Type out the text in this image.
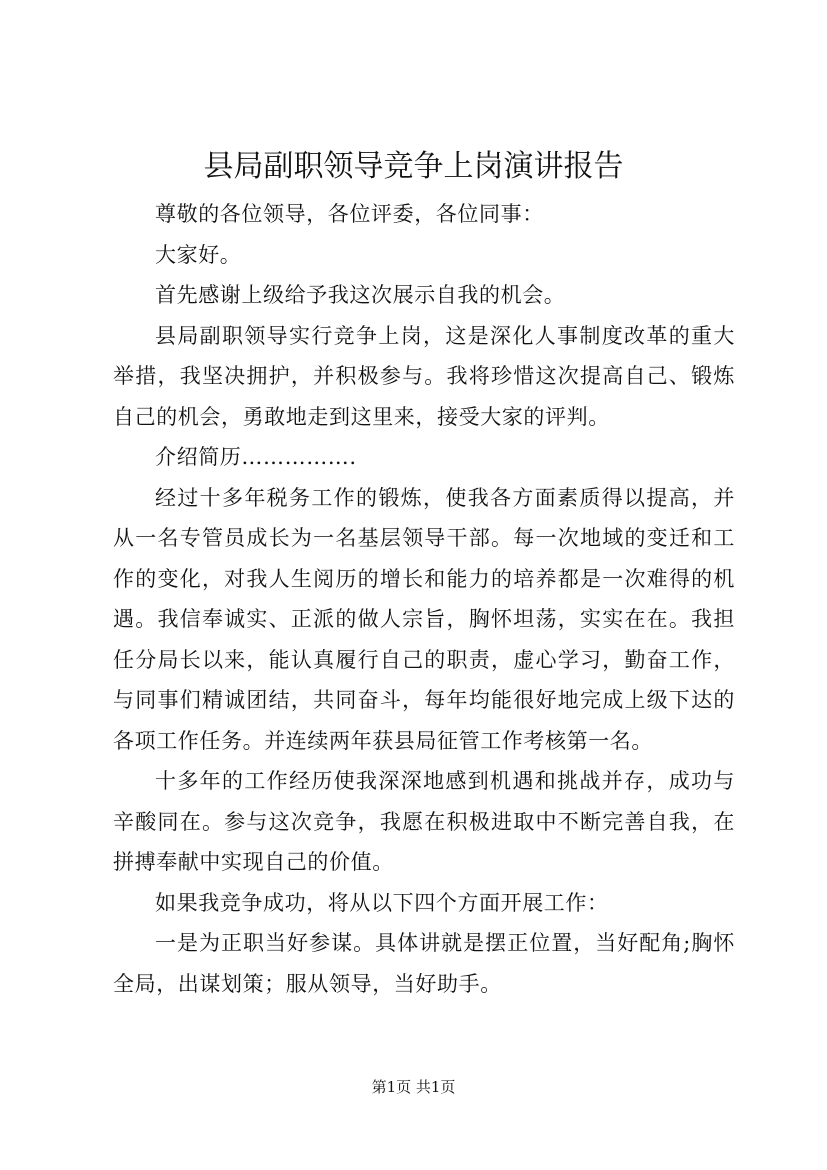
县局副职领导竞争上岗演讲报告

尊敬的各位领导，各位评委，各位同事：

大家好。

首先感谢上级给予我这次展示自我的机会。

县局副职领导实行竞争上岗，这是深化人事制度改革的重大举措，我坚决拥护，并积极参与。我将珍惜这次提高自己、锻炼自己的机会，勇敢地走到这里来，接受大家的评判。

介绍简历…………….

经过十多年税务工作的锻炼，使我各方面素质得以提高，并从一名专管员成长为一名基层领导干部。每一次地域的变迁和工作的变化，对我人生阅历的增长和能力的培养都是一次难得的机遇。我信奉诚实、正派的做人宗旨，胸怀坦荡，实实在在。我担任分局长以来，能认真履行自己的职责，虚心学习，勤奋工作，与同事们精诚团结，共同奋斗，每年均能很好地完成上级下达的各项工作任务。并连续两年获县局征管工作考核第一名。

十多年的工作经历使我深深地感到机遇和挑战并存，成功与辛酸同在。参与这次竞争，我愿在积极进取中不断完善自我，在拼搏奉献中实现自己的价值。

如果我竞争成功，将从以下四个方面开展工作：

一是为正职当好参谋。具体讲就是摆正位置，当好配角;胸怀全局，出谋划策；服从领导，当好助手。

第1页 共1页
